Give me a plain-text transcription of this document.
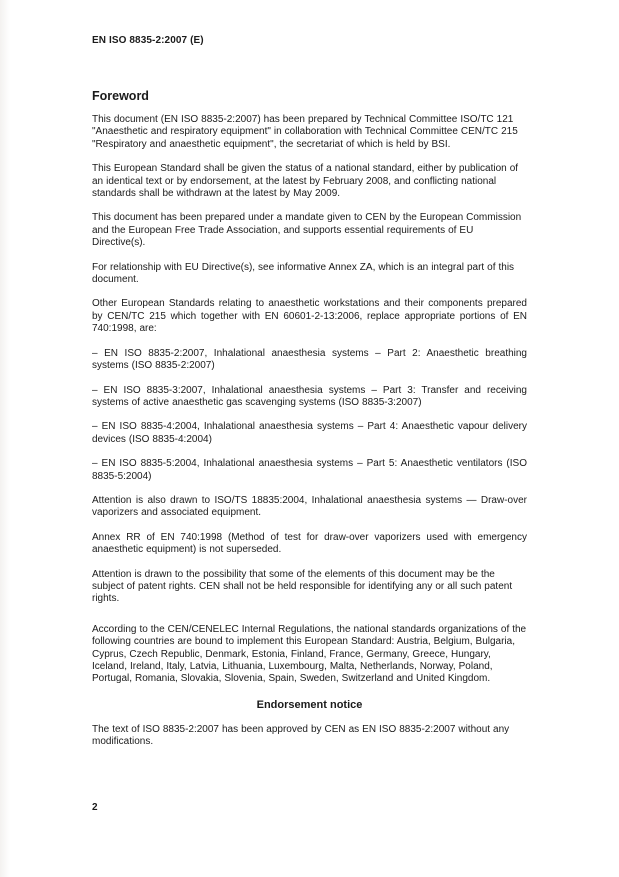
EN ISO 8835-2:2007 (E)
Foreword

This document (EN ISO 8835-2:2007) has been prepared by Technical Committee ISO/TC 121 "Anaesthetic and respiratory equipment" in collaboration with Technical Committee CEN/TC 215 "Respiratory and anaesthetic equipment", the secretariat of which is held by BSI.

This European Standard shall be given the status of a national standard, either by publication of an identical text or by endorsement, at the latest by February 2008, and conflicting national standards shall be withdrawn at the latest by May 2009.

This document has been prepared under a mandate given to CEN by the European Commission and the European Free Trade Association, and supports essential requirements of EU Directive(s).

For relationship with EU Directive(s), see informative Annex ZA, which is an integral part of this document.

Other European Standards relating to anaesthetic workstations and their components prepared by CEN/TC 215 which together with EN 60601-2-13:2006, replace appropriate portions of EN 740:1998, are:

– EN ISO 8835-2:2007, Inhalational anaesthesia systems – Part 2: Anaesthetic breathing systems (ISO 8835-2:2007)

– EN ISO 8835-3:2007, Inhalational anaesthesia systems – Part 3: Transfer and receiving systems of active anaesthetic gas scavenging systems (ISO 8835-3:2007)

– EN ISO 8835-4:2004, Inhalational anaesthesia systems – Part 4: Anaesthetic vapour delivery devices (ISO 8835-4:2004)

– EN ISO 8835-5:2004, Inhalational anaesthesia systems – Part 5: Anaesthetic ventilators (ISO 8835-5:2004)

Attention is also drawn to ISO/TS 18835:2004, Inhalational anaesthesia systems — Draw-over vaporizers and associated equipment.

Annex RR of EN 740:1998 (Method of test for draw-over vaporizers used with emergency anaesthetic equipment) is not superseded.

Attention is drawn to the possibility that some of the elements of this document may be the subject of patent rights. CEN shall not be held responsible for identifying any or all such patent rights.

According to the CEN/CENELEC Internal Regulations, the national standards organizations of the following countries are bound to implement this European Standard: Austria, Belgium, Bulgaria, Cyprus, Czech Republic, Denmark, Estonia, Finland, France, Germany, Greece, Hungary, Iceland, Ireland, Italy, Latvia, Lithuania, Luxembourg, Malta, Netherlands, Norway, Poland, Portugal, Romania, Slovakia, Slovenia, Spain, Sweden, Switzerland and United Kingdom.

Endorsement notice

The text of ISO 8835-2:2007 has been approved by CEN as EN ISO 8835-2:2007 without any modifications.

2
